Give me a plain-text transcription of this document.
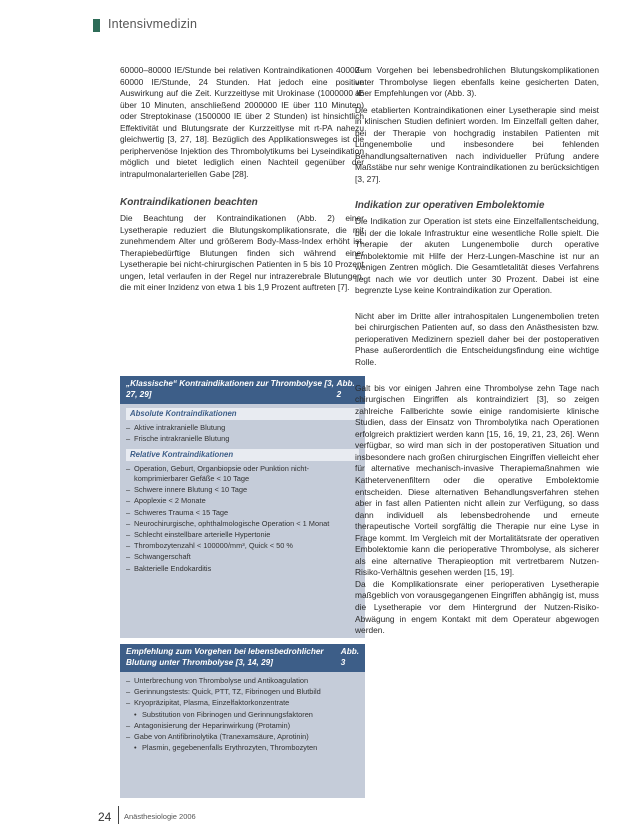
Intensivmedizin

60000–80000 IE/Stunde bei relativen Kontraindikationen 40000–60000 IE/Stunde, 24 Stunden. Hat jedoch eine positive Auswirkung auf die Zeit. Kurzzeitlyse mit Urokinase (1000000 IE über 10 Minuten, anschließend 2000000 IE über 110 Minuten) oder Streptokinase (1500000 IE über 2 Stunden) ist hinsichtlich Effektivität und Blutungsrate der Kurzzeitlyse mit rt-PA nahezu gleichwertig [3, 27, 18]. Bezüglich des Applikationsweges ist die periphervenöse Injektion des Thrombolytikums bei Lyseindikation möglich und bietet lediglich einen Nachteil gegenüber der intrapulmonalarteriellen Gabe [28].

Kontraindikationen beachten

Die Beachtung der Kontraindikationen (Abb. 2) einer Lysetherapie reduziert die Blutungskomplikationsrate, die mit zunehmendem Alter und größerem Body-Mass-Index erhöht ist. Therapiebedürftige Blutungen finden sich während einer Lysetherapie bei nicht-chirurgischen Patienten in 5 bis 10 Prozent ungen, letal verlaufen in der Regel nur intrazerebrale Blutungen, die mit einer Inzidenz von etwa 1 bis 1,9 Prozent auftreten [7].

„Klassische“ Kontraindikationen zur Thrombolyse [3, 27, 29]
Abb. 2
Absolute Kontraindikationen
– Aktive intrakranielle Blutung
– Frische intrakranielle Blutung
Relative Kontraindikationen
– Operation, Geburt, Organbiopsie oder Punktion nicht-komprimierbarer Gefäße < 10 Tage
– Schwere innere Blutung < 10 Tage
– Apoplexie < 2 Monate
– Schweres Trauma < 15 Tage
– Neurochirurgische, ophthalmologische Operation < 1 Monat
– Schlecht einstellbare arterielle Hypertonie
– Thrombozytenzahl < 100000/mm³, Quick < 50 %
– Schwangerschaft
– Bakterielle Endokarditis
Empfehlung zum Vorgehen bei lebensbedrohlicher Blutung unter Thrombolyse [3, 14, 29]
Abb. 3
– Unterbrechung von Thrombolyse und Antikoagulation
– Gerinnungstests: Quick, PTT, TZ, Fibrinogen und Blutbild
– Kryopräzipitat, Plasma, Einzelfaktorkonzentrate
• Substitution von Fibrinogen und Gerinnungsfaktoren
– Antagonisierung der Heparinwirkung (Protamin)
– Gabe von Antifibrinolytika (Tranexamsäure, Aprotinin)
• Plasmin, gegebenenfalls Erythrozyten, Thrombozyten

Zum Vorgehen bei lebensbedrohlichen Blutungskomplikationen unter Thrombolyse liegen ebenfalls keine gesicherten Daten, aber Empfehlungen vor (Abb. 3).

Die etablierten Kontraindikationen einer Lysetherapie sind meist in klinischen Studien definiert worden. Im Einzelfall gelten daher, bei der Therapie von hochgradig instabilen Patienten mit Lungenembolie und insbesondere bei fehlenden Behandlungsalternativen nach individueller Prüfung andere Maßstäbe nur sehr wenige Kontraindikationen zu berücksichtigen [3, 27].

Indikation zur operativen Embolektomie

Die Indikation zur Operation ist stets eine Einzelfallentscheidung, bei der die lokale Infrastruktur eine wesentliche Rolle spielt. Die Therapie der akuten Lungenembolie durch operative Embolektomie mit Hilfe der Herz-Lungen-Maschine ist nur an wenigen Zentren möglich. Die Gesamtletalität dieses Verfahrens liegt nach wie vor deutlich unter 30 Prozent. Dabei ist eine begrenzte Lyse keine Kontraindikation zur Operation.

Nicht aber im Dritte aller intrahospitalen Lungenembolien treten bei chirurgischen Patienten auf, so dass den Anästhesisten bzw. perioperativen Medizinern speziell daher bei der postoperativen Phase außerordentlich die Entscheidungsfindung eine wichtige Rolle.

Galt bis vor einigen Jahren eine Thrombolyse zehn Tage nach chirurgischen Eingriffen als kontraindiziert [3], so zeigen zahlreiche Fallberichte sowie einige randomisierte klinische Studien, dass der Einsatz von Thrombolytika nach Operationen erfolgreich praktiziert werden kann [15, 16, 19, 21, 23, 26]. Wenn verfügbar, so wird man sich in der postoperativen Situation und insbesondere nach großen chirurgischen Eingriffen vielleicht eher für alternative mechanisch-invasive Therapiemaßnahmen wie Kathetervenenfiltern oder die operative Embolektomie entscheiden. Diese alternativen Behandlungsverfahren stehen aber in fast allen Patienten nicht allein zur Verfügung, so dass dann individuell als lebensbedrohende und erneute therapeutische Vorteil sorgfältig die Therapie nur eine Lyse in Frage kommt. Im Vergleich mit der Mortalitätsrate der operativen Embolektomie kann die perioperative Thrombolyse, als sicherer als eine alternative Therapieoption mit vertretbarem Nutzen-Risiko-Verhältnis gesehen werden [15, 19].

Da die Komplikationsrate einer perioperativen Lysetherapie maßgeblich von vorausgegangenen Eingriffen abhängig ist, muss die Lysetherapie vor dem Hintergrund der Nutzen-Risiko-Abwägung in engem Kontakt mit dem Operateur abgewogen werden.

24 Anästhesiologie 2006
